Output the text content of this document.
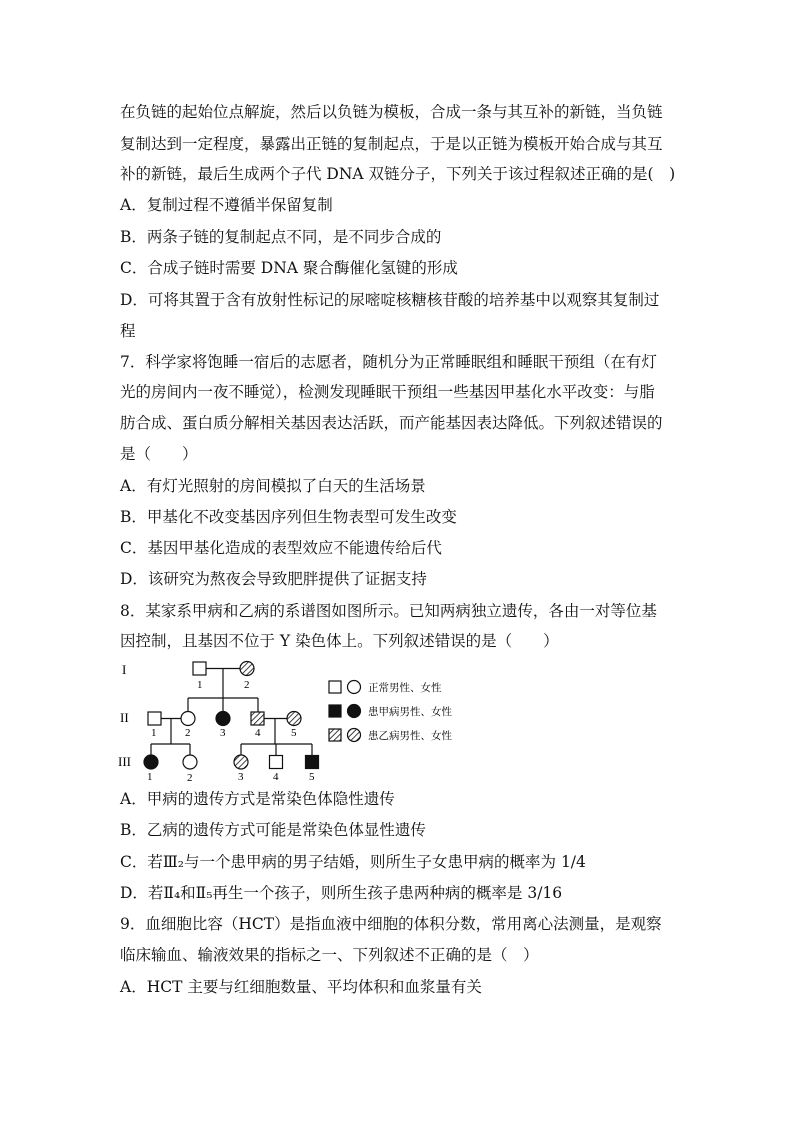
在负链的起始位点解旋，然后以负链为模板，合成一条与其互补的新链，当负链
复制达到一定程度，暴露出正链的复制起点，于是以正链为模板开始合成与其互
补的新链，最后生成两个子代 DNA 双链分子，下列关于该过程叙述正确的是(　)
A．复制过程不遵循半保留复制
B．两条子链的复制起点不同，是不同步合成的
C．合成子链时需要 DNA 聚合酶催化氢键的形成
D．可将其置于含有放射性标记的尿嘧啶核糖核苷酸的培养基中以观察其复制过
程
7．科学家将饱睡一宿后的志愿者，随机分为正常睡眠组和睡眠干预组（在有灯
光的房间内一夜不睡觉），检测发现睡眠干预组一些基因甲基化水平改变：与脂
肪合成、蛋白质分解相关基因表达活跃，而产能基因表达降低。下列叙述错误的
是（　　）
A．有灯光照射的房间模拟了白天的生活场景
B．甲基化不改变基因序列但生物表型可发生改变
C．基因甲基化造成的表型效应不能遗传给后代
D．该研究为熬夜会导致肥胖提供了证据支持
8．某家系甲病和乙病的系谱图如图所示。已知两病独立遗传，各由一对等位基
因控制，且基因不位于 Y 染色体上。下列叙述错误的是（　　）
I
II
III
1	2
1	2	3	4	5
1	2	3	4	5
正常男性、女性
患甲病男性、女性
患乙病男性、女性
A．甲病的遗传方式是常染色体隐性遗传
B．乙病的遗传方式可能是常染色体显性遗传
C．若Ⅲ₂与一个患甲病的男子结婚，则所生子女患甲病的概率为 1/4
D．若Ⅱ₄和Ⅱ₅再生一个孩子，则所生孩子患两种病的概率是 3/16
9．血细胞比容（HCT）是指血液中细胞的体积分数，常用离心法测量，是观察
临床输血、输液效果的指标之一、下列叙述不正确的是（　）
A．HCT 主要与红细胞数量、平均体积和血浆量有关
